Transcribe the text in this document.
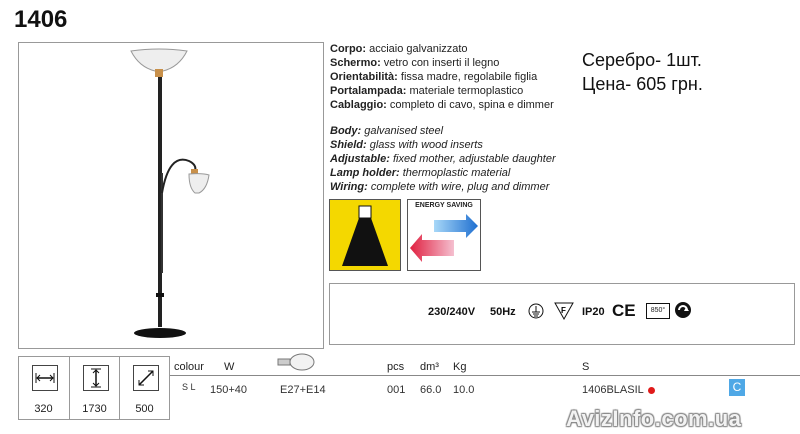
1406
Corpo: acciaio galvanizzato
Schermo: vetro con inserti il legno
Orientabilità: fissa madre, regolabile figlia
Portalampada: materiale termoplastico
Cablaggio: completo di cavo, spina e dimmer
Body: galvanised steel
Shield: glass with wood inserts
Adjustable: fixed mother, adjustable daughter
Lamp holder: thermoplastic material
Wiring: complete with wire, plug and dimmer
Серебро- 1шт.
Цена- 605 грн.
ENERGY SAVING
230/240V 50Hz	F IP20 CE	850°
320	1730	500
colour W	pcs dm³ Kg	S
S L 150+40	E27+E14	001 66.0 10.0	1406BLASIL	C
AvizInfo.com.ua
